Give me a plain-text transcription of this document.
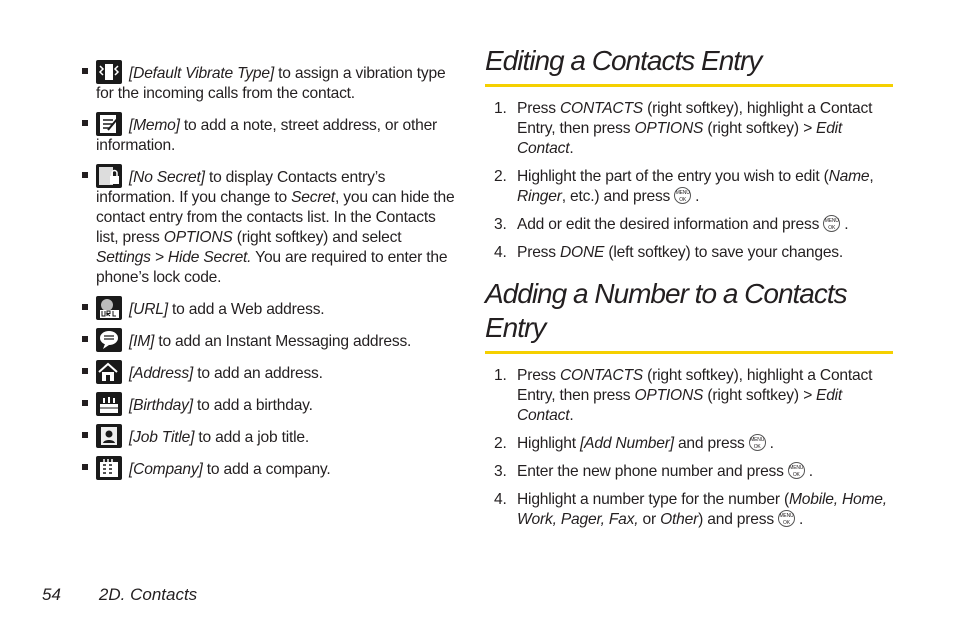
[Default Vibrate Type] to assign a vibration type for the incoming calls from the contact.
[Memo] to add a note, street address, or other information.
[No Secret] to display Contacts entry’s information. If you change to Secret, you can hide the contact entry from the contacts list. In the Contacts list, press OPTIONS (right softkey) and select Settings > Hide Secret. You are required to enter the phone’s lock code.
[URL] to add a Web address.
[IM] to add an Instant Messaging address.
[Address] to add an address.
[Birthday] to add a birthday.
[Job Title] to add a job title.
[Company] to add a company.
Editing a Contacts Entry
1. Press CONTACTS (right softkey), highlight a Contact Entry, then press OPTIONS (right softkey) > Edit Contact.
2. Highlight the part of the entry you wish to edit (Name, Ringer, etc.) and press MENU
OK .
3. Add or edit the desired information and press MENU
OK .
4. Press DONE (left softkey) to save your changes.
Adding a Number to a Contacts Entry
1. Press CONTACTS (right softkey), highlight a Contact Entry, then press OPTIONS (right softkey) > Edit Contact.
2. Highlight [Add Number] and press MENU
OK .
3. Enter the new phone number and press MENU
OK .
4. Highlight a number type for the number (Mobile, Home, Work, Pager, Fax, or Other) and press MENU
OK .
54 2D. Contacts
